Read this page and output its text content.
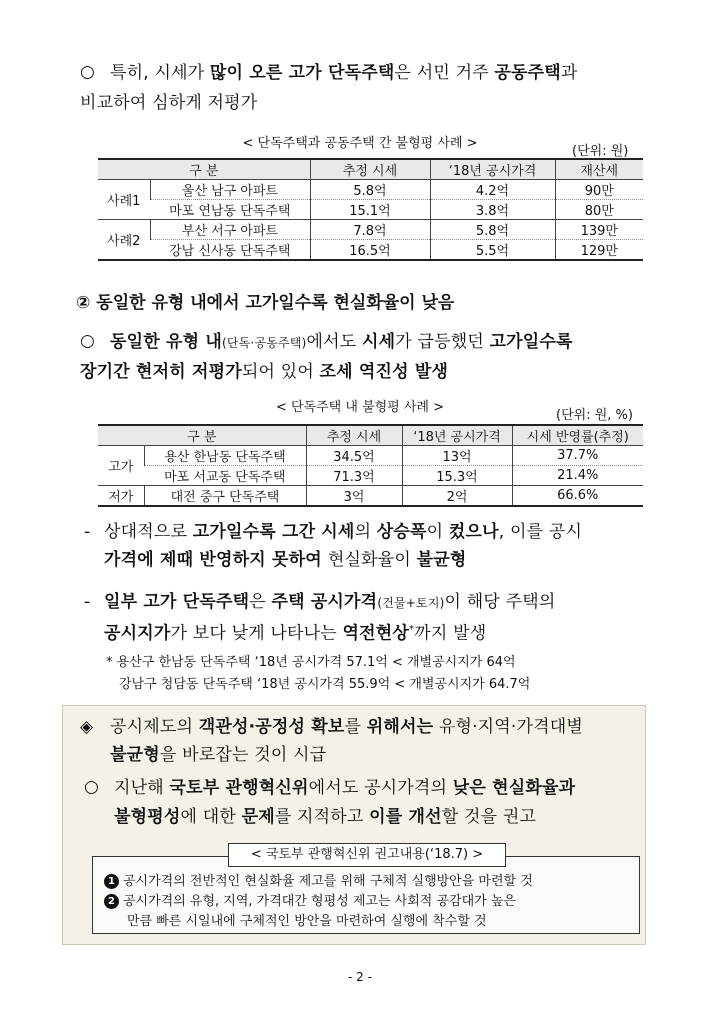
○ 특히, 시세가 많이 오른 고가 단독주택은 서민 거주 공동주택과
비교하여 심하게 저평가
< 단독주택과 공동주택 간 불형평 사례 >
(단위: 원)
구 분		추정 시세	‘18년 공시가격	재산세
사례1	울산 남구 아파트	5.8억	4.2억	90만
	마포 연남동 단독주택	15.1억	3.8억	80만
사례2	부산 서구 아파트	7.8억	5.8억	139만
	강남 신사동 단독주택	16.5억	5.5억	129만
② 동일한 유형 내에서 고가일수록 현실화율이 낮음
○ 동일한 유형 내(단독·공동주택)에서도 시세가 급등했던 고가일수록
장기간 현저히 저평가되어 있어 조세 역진성 발생
< 단독주택 내 불형평 사례 >
(단위: 원, %)
구 분		추정 시세	‘18년 공시가격	시세 반영률(추정)
고가	용산 한남동 단독주택	34.5억	13억	37.7%
	마포 서교동 단독주택	71.3억	15.3억	21.4%
저가	대전 중구 단독주택	3억	2억	66.6%
- 상대적으로 고가일수록 그간 시세의 상승폭이 컸으나, 이를 공시
가격에 제때 반영하지 못하여 현실화율이 불균형
- 일부 고가 단독주택은 주택 공시가격(건물+토지)이 해당 주택의
공시지가가 보다 낮게 나타나는 역전현상*까지 발생
* 용산구 한남동 단독주택 ‘18년 공시가격 57.1억 < 개별공시지가 64억
강남구 청담동 단독주택 ‘18년 공시가격 55.9억 < 개별공시지가 64.7억
◈ 공시제도의 객관성·공정성 확보를 위해서는 유형·지역·가격대별
불균형을 바로잡는 것이 시급
○ 지난해 국토부 관행혁신위에서도 공시가격의 낮은 현실화율과
불형평성에 대한 문제를 지적하고 이를 개선할 것을 권고
< 국토부 관행혁신위 권고내용(‘18.7) >
1 공시가격의 전반적인 현실화율 제고를 위해 구체적 실행방안을 마련할 것
2 공시가격의 유형, 지역, 가격대간 형평성 제고는 사회적 공감대가 높은
만큼 빠른 시일내에 구체적인 방안을 마련하여 실행에 착수할 것
- 2 -
